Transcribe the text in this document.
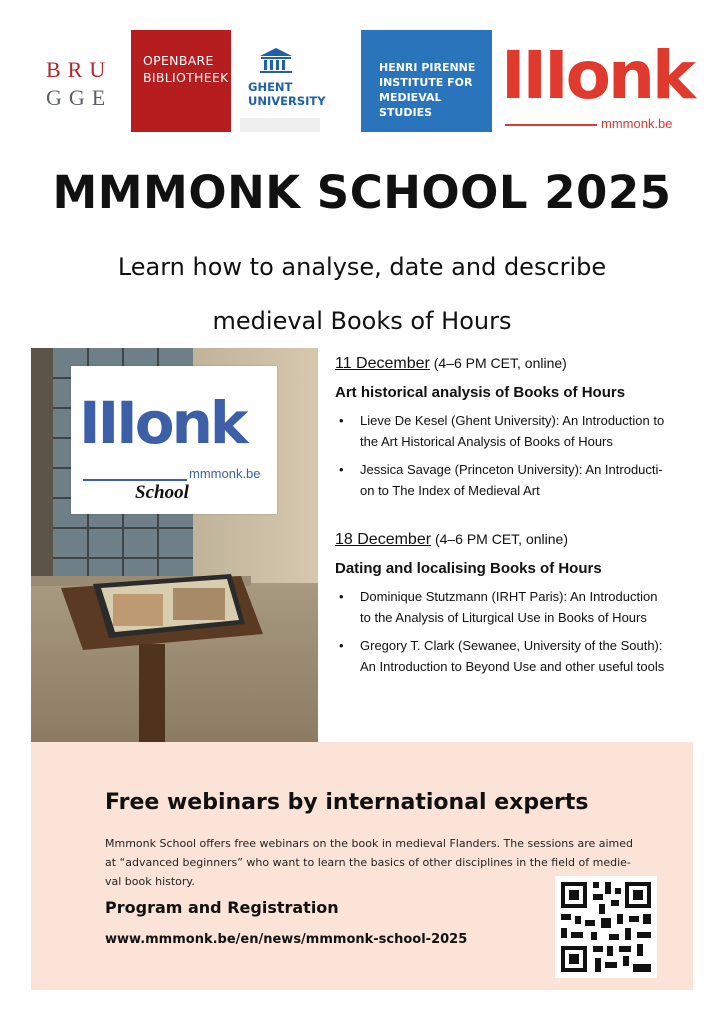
BRU
GGE
OPENBARE
BIBLIOTHEEK
GHENT
UNIVERSITY
HENRI PIRENNE
INSTITUTE FOR
MEDIEVAL STUDIES	IIIonk
mmmonk.be
MMMONK SCHOOL 2025
Learn how to analyse, date and describe
medieval Books of Hours
IIIonk
mmmonk.be
School
11 December (4–6 PM CET, online)
Art historical analysis of Books of Hours
• Lieve De Kesel (Ghent University): An Introduction to
the Art Historical Analysis of Books of Hours
• Jessica Savage (Princeton University): An Introducti-
on to The Index of Medieval Art
18 December (4–6 PM CET, online)
Dating and localising Books of Hours
• Dominique Stutzmann (IRHT Paris): An Introduction
to the Analysis of Liturgical Use in Books of Hours
• Gregory T. Clark (Sewanee, University of the South):
An Introduction to Beyond Use and other useful tools
Free webinars by international experts
Mmmonk School offers free webinars on the book in medieval Flanders. The sessions are aimed
at “advanced beginners” who want to learn the basics of other disciplines in the field of medie-
val book history.
Program and Registration
www.mmmonk.be/en/news/mmmonk-school-2025
